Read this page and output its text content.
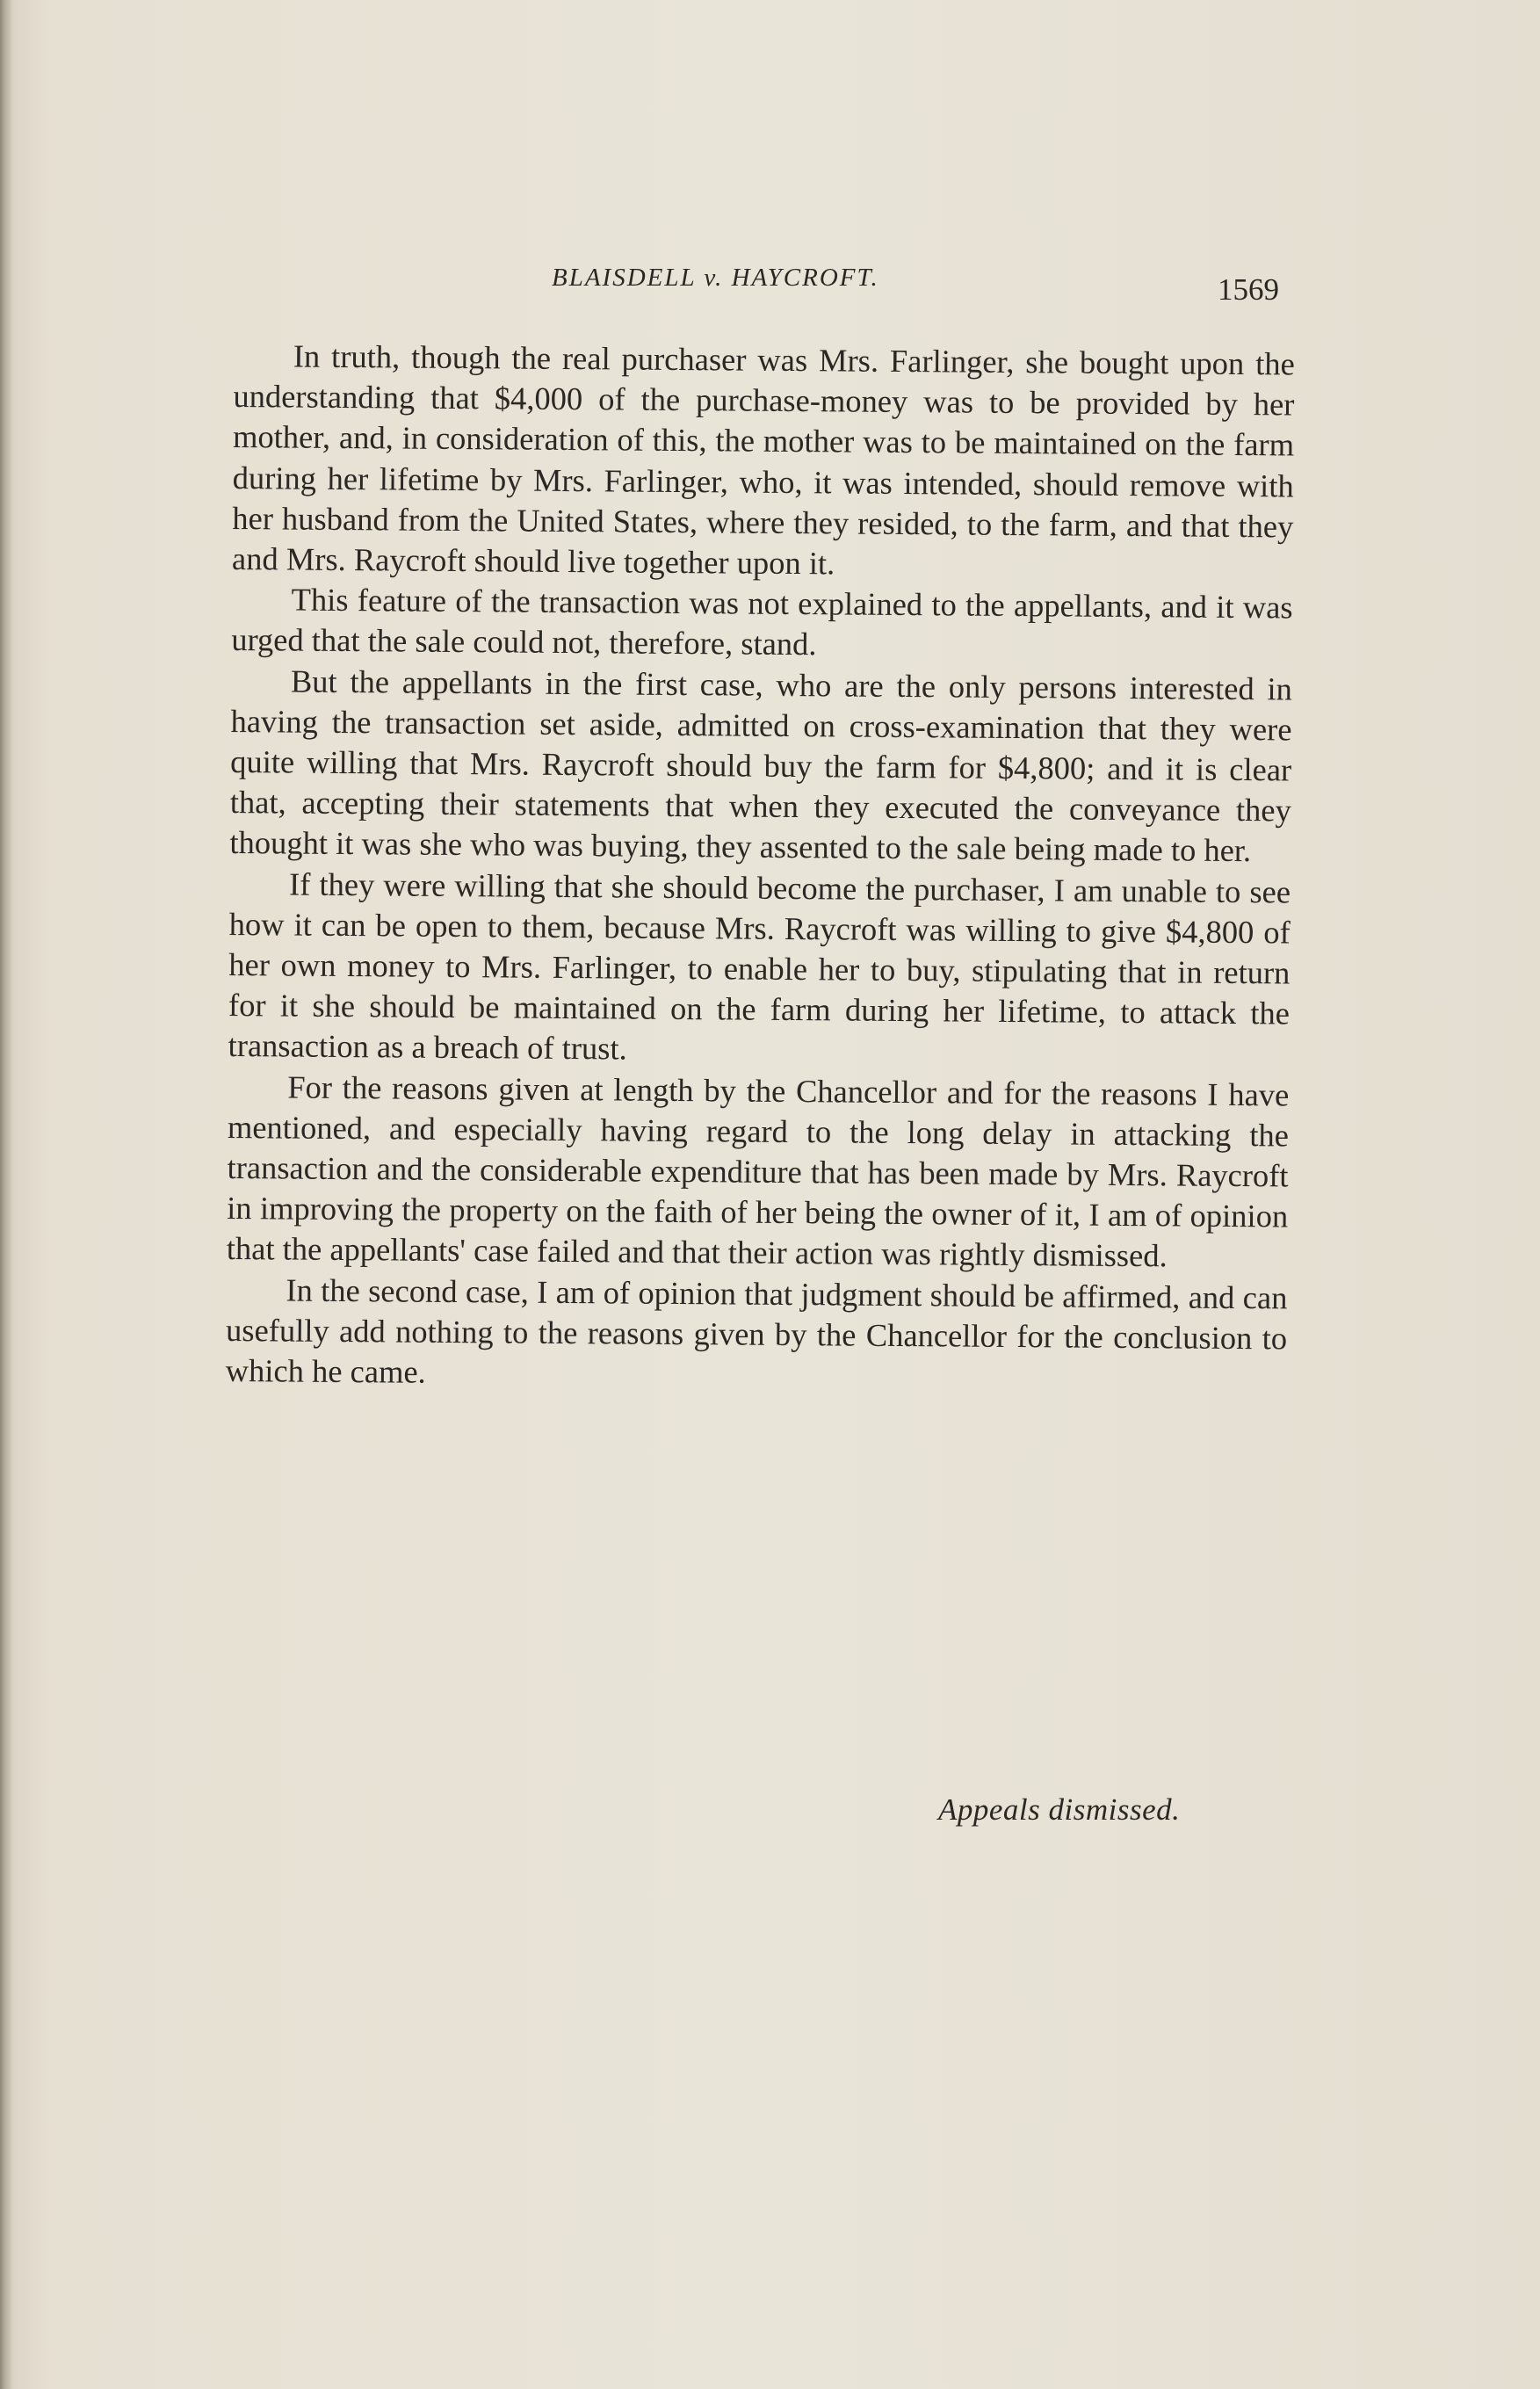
BLAISDELL v. HAYCROFT.	1569

In truth, though the real purchaser was Mrs. Farlinger, she bought upon the understanding that $4,000 of the purchase-money was to be provided by her mother, and, in consideration of this, the mother was to be maintained on the farm during her lifetime by Mrs. Farlinger, who, it was intended, should remove with her husband from the United States, where they resided, to the farm, and that they and Mrs. Raycroft should live together upon it.

This feature of the transaction was not explained to the appellants, and it was urged that the sale could not, therefore, stand.

But the appellants in the first case, who are the only persons interested in having the transaction set aside, admitted on cross-examination that they were quite willing that Mrs. Raycroft should buy the farm for $4,800; and it is clear that, accepting their statements that when they executed the conveyance they thought it was she who was buying, they assented to the sale being made to her.

If they were willing that she should become the purchaser, I am unable to see how it can be open to them, because Mrs. Raycroft was willing to give $4,800 of her own money to Mrs. Farlinger, to enable her to buy, stipulating that in return for it she should be maintained on the farm during her lifetime, to attack the transaction as a breach of trust.

For the reasons given at length by the Chancellor and for the reasons I have mentioned, and especially having regard to the long delay in attacking the transaction and the considerable expenditure that has been made by Mrs. Raycroft in improving the property on the faith of her being the owner of it, I am of opinion that the appellants' case failed and that their action was rightly dismissed.

In the second case, I am of opinion that judgment should be affirmed, and can usefully add nothing to the reasons given by the Chancellor for the conclusion to which he came.

Appeals dismissed.
